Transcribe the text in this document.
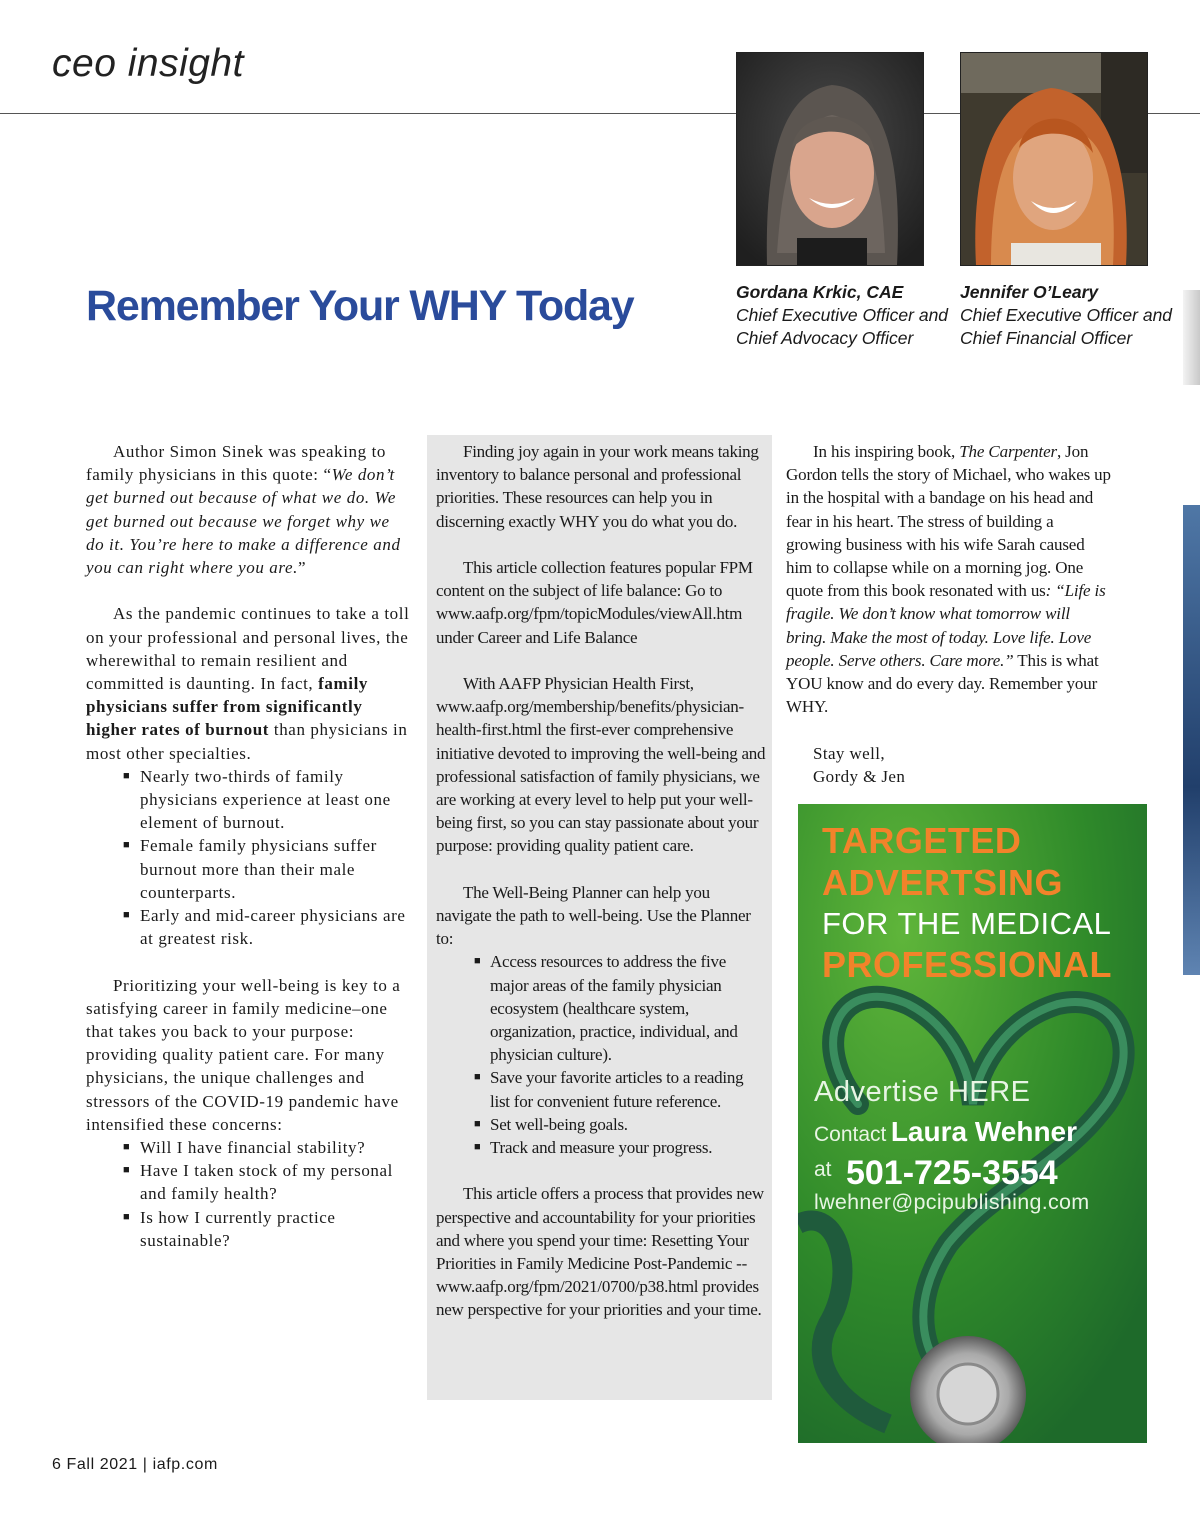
ceo insight
Gordana Krkic, CAE
Chief Executive Officer and Chief Advocacy Officer
Jennifer O’Leary
Chief Executive Officer and Chief Financial Officer
Remember Your WHY Today

Author Simon Sinek was speaking to family physicians in this quote: “We don’t get burned out because of what we do. We get burned out because we forget why we do it. You’re here to make a difference and you can right where you are.”

As the pandemic continues to take a toll on your professional and personal lives, the wherewithal to remain resilient and committed is daunting. In fact, family physicians suffer from significantly higher rates of burnout than physicians in most other specialties.

■ Nearly two-thirds of family physicians experience at least one element of burnout.
■ Female family physicians suffer burnout more than their male counterparts.
■ Early and mid-career physicians are at greatest risk.

Prioritizing your well-being is key to a satisfying career in family medicine–one that takes you back to your purpose: providing quality patient care. For many physicians, the unique challenges and stressors of the COVID-19 pandemic have intensified these concerns:

■ Will I have financial stability?
■ Have I taken stock of my personal and family health?
■ Is how I currently practice sustainable?

Finding joy again in your work means taking inventory to balance personal and professional priorities. These resources can help you in discerning exactly WHY you do what you do.

This article collection features popular FPM content on the subject of life balance: Go to www.aafp.org/fpm/topicModules/viewAll.htm under Career and Life Balance

With AAFP Physician Health First, www.aafp.org/membership/benefits/physician-health-first.html the first-ever comprehensive initiative devoted to improving the well-being and professional satisfaction of family physicians, we are working at every level to help put your well-being first, so you can stay passionate about your purpose: providing quality patient care.

The Well-Being Planner can help you navigate the path to well-being. Use the Planner to:

■ Access resources to address the five major areas of the family physician ecosystem (healthcare system, organization, practice, individual, and physician culture).
■ Save your favorite articles to a reading list for convenient future reference.
■ Set well-being goals.
■ Track and measure your progress.

This article offers a process that provides new perspective and accountability for your priorities and where you spend your time: Resetting Your Priorities in Family Medicine Post-Pandemic -- www.aafp.org/fpm/2021/0700/p38.html provides new perspective for your priorities and your time.

In his inspiring book, The Carpenter, Jon Gordon tells the story of Michael, who wakes up in the hospital with a bandage on his head and fear in his heart. The stress of building a growing business with his wife Sarah caused him to collapse while on a morning jog. One quote from this book resonated with us: “Life is fragile. We don’t know what tomorrow will bring. Make the most of today. Love life. Love people. Serve others. Care more.” This is what YOU know and do every day. Remember your WHY.

Stay well,

Gordy & Jen

TARGETED
ADVERTSING
FOR THE MEDICAL
PROFESSIONAL
Advertise HERE
Contact Laura Wehner
at 501-725-3554
lwehner@pcipublishing.com
6 Fall 2021 | iafp.com
